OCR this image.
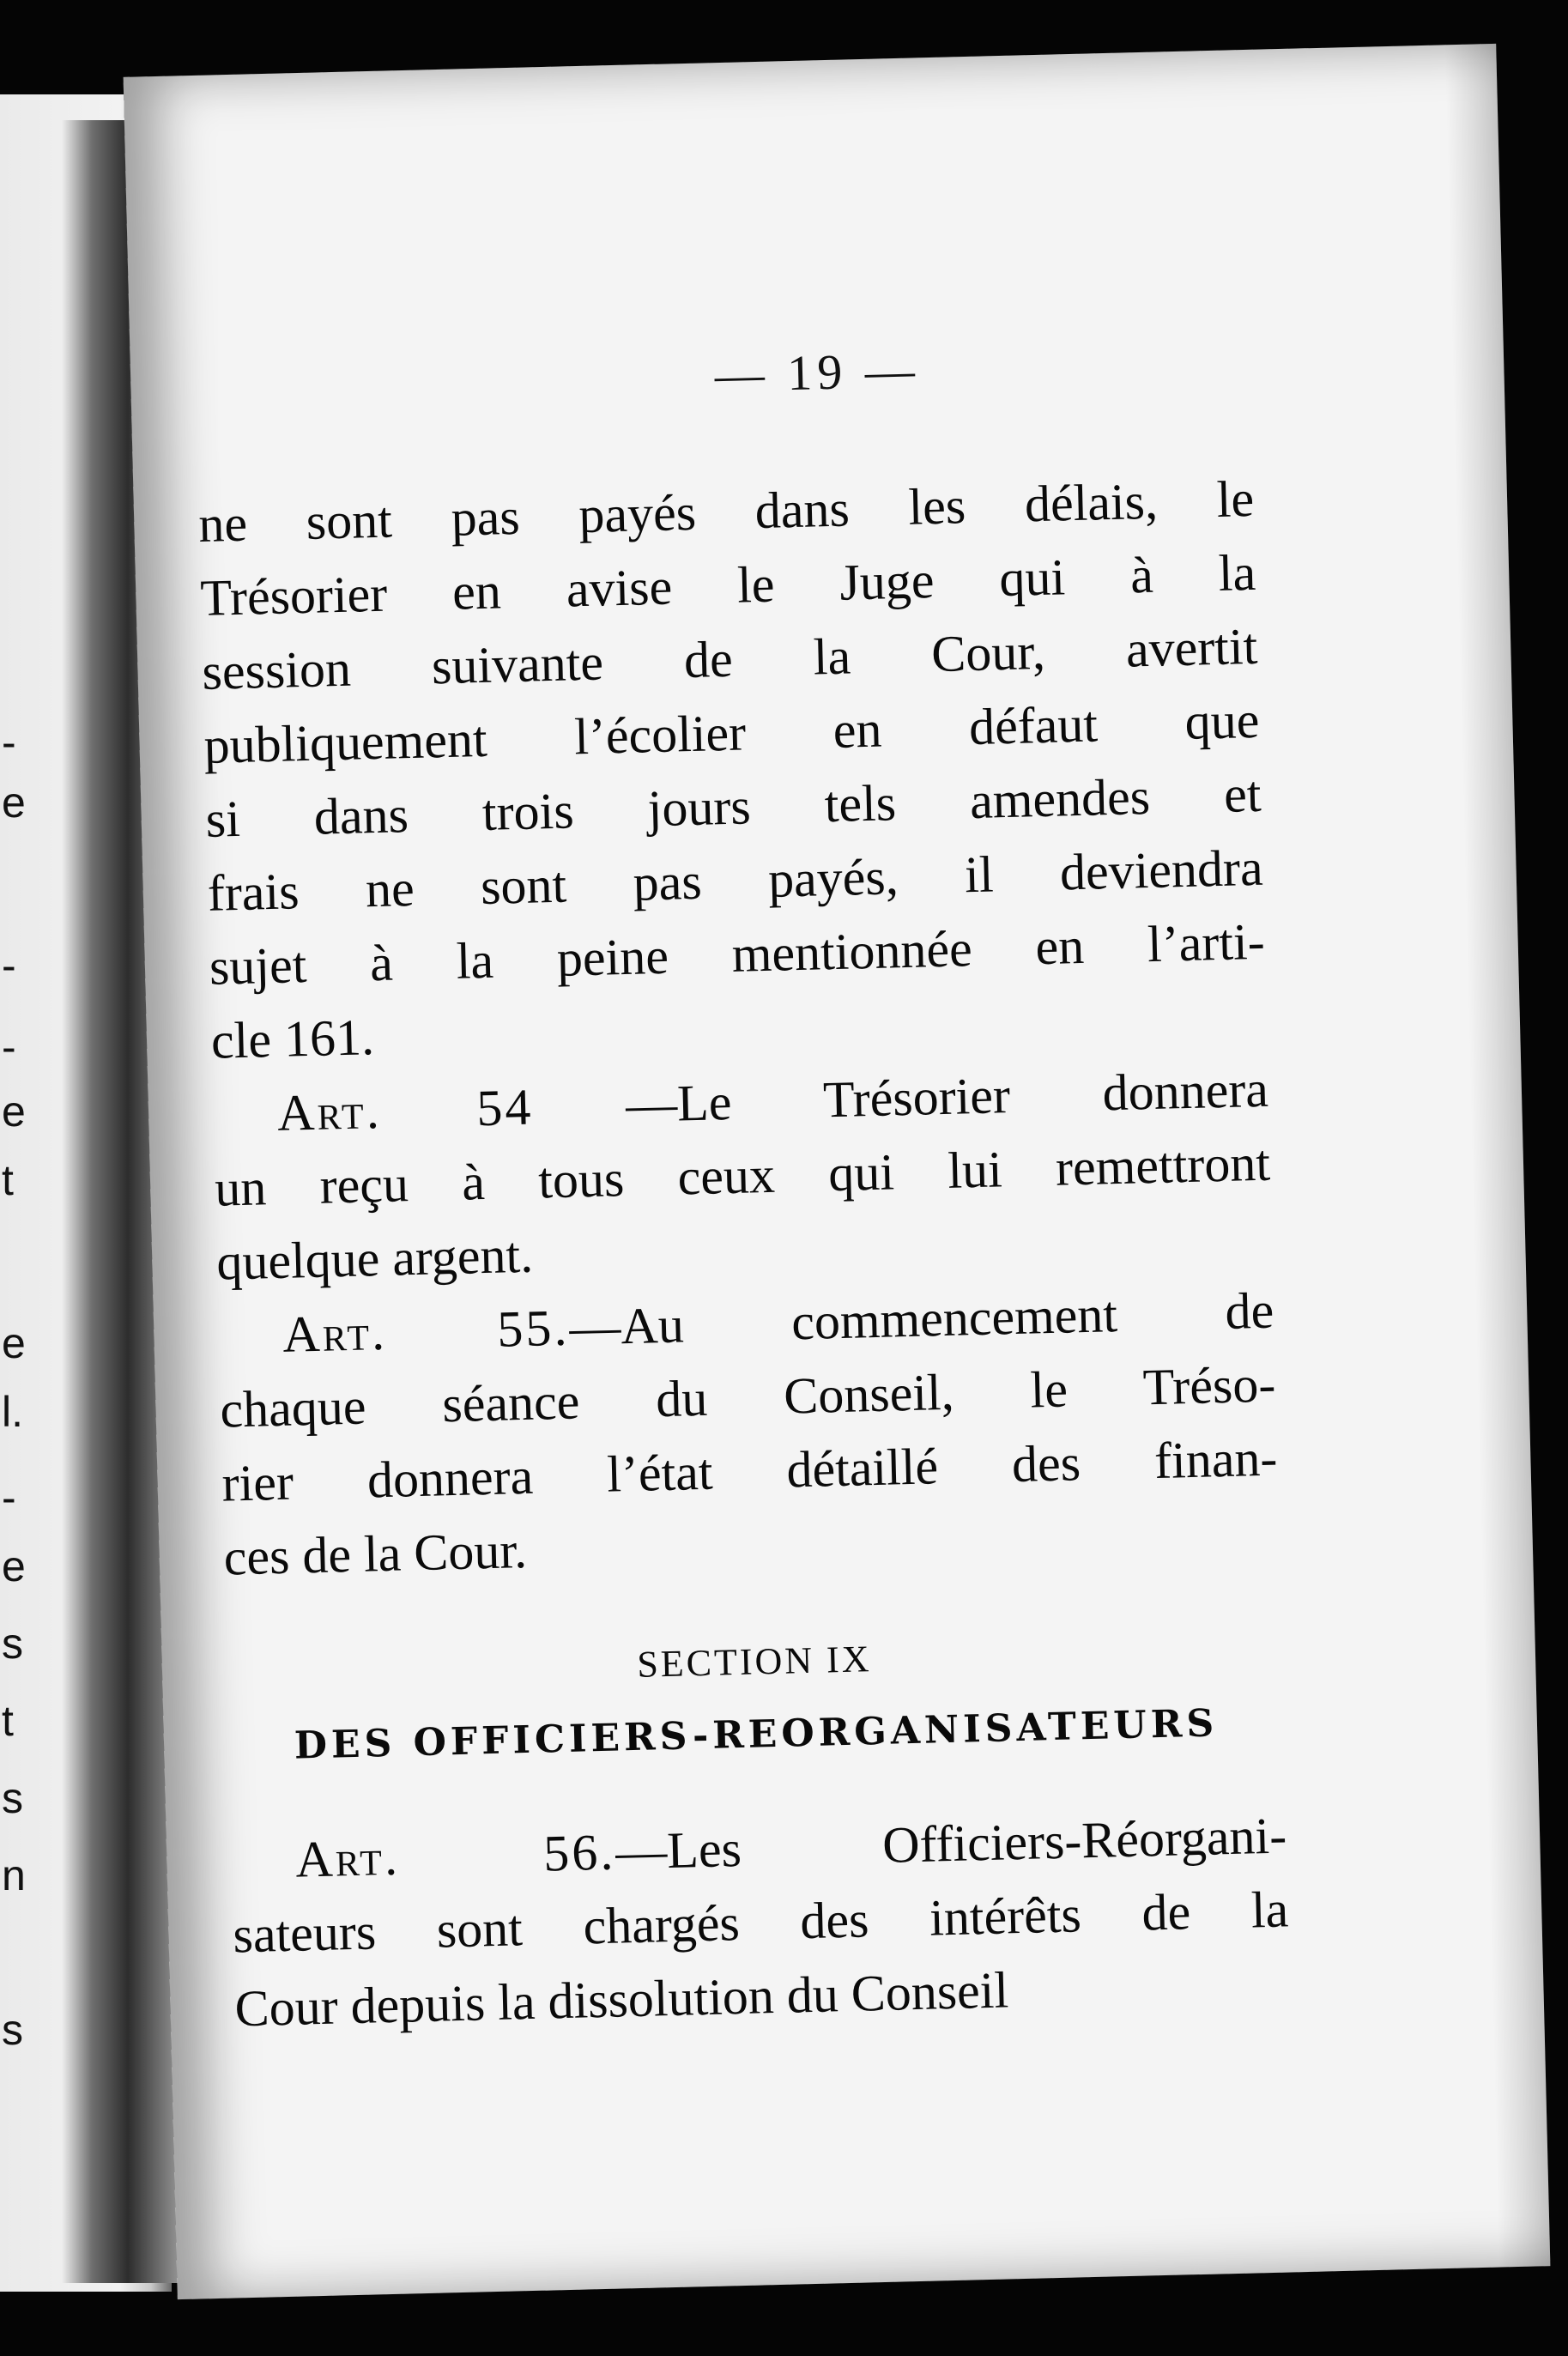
-
e
-
-
e
t
e
l.
-
e
s
t
s
n
s
— 19 —

ne sont pas payés dans les délais, le
Trésorier en avise le Juge qui à la
session suivante de la Cour, avertit
publiquement l’écolier en défaut que
si dans trois jours tels amendes et
frais ne sont pas payés, il deviendra
sujet à la peine mentionnée en l’arti-
cle 161.

Art. 54 —Le Trésorier donnera
un reçu à tous ceux qui lui remettront
quelque argent.

Art. 55.—Au commencement de
chaque séance du Conseil, le Tréso-
rier donnera l’état détaillé des finan-
ces de la Cour.

SECTION IX
DES OFFICIERS-REORGANISATEURS

Art. 56.—Les Officiers-Réorgani-
sateurs sont chargés des intérêts de la
Cour depuis la dissolution du Conseil
